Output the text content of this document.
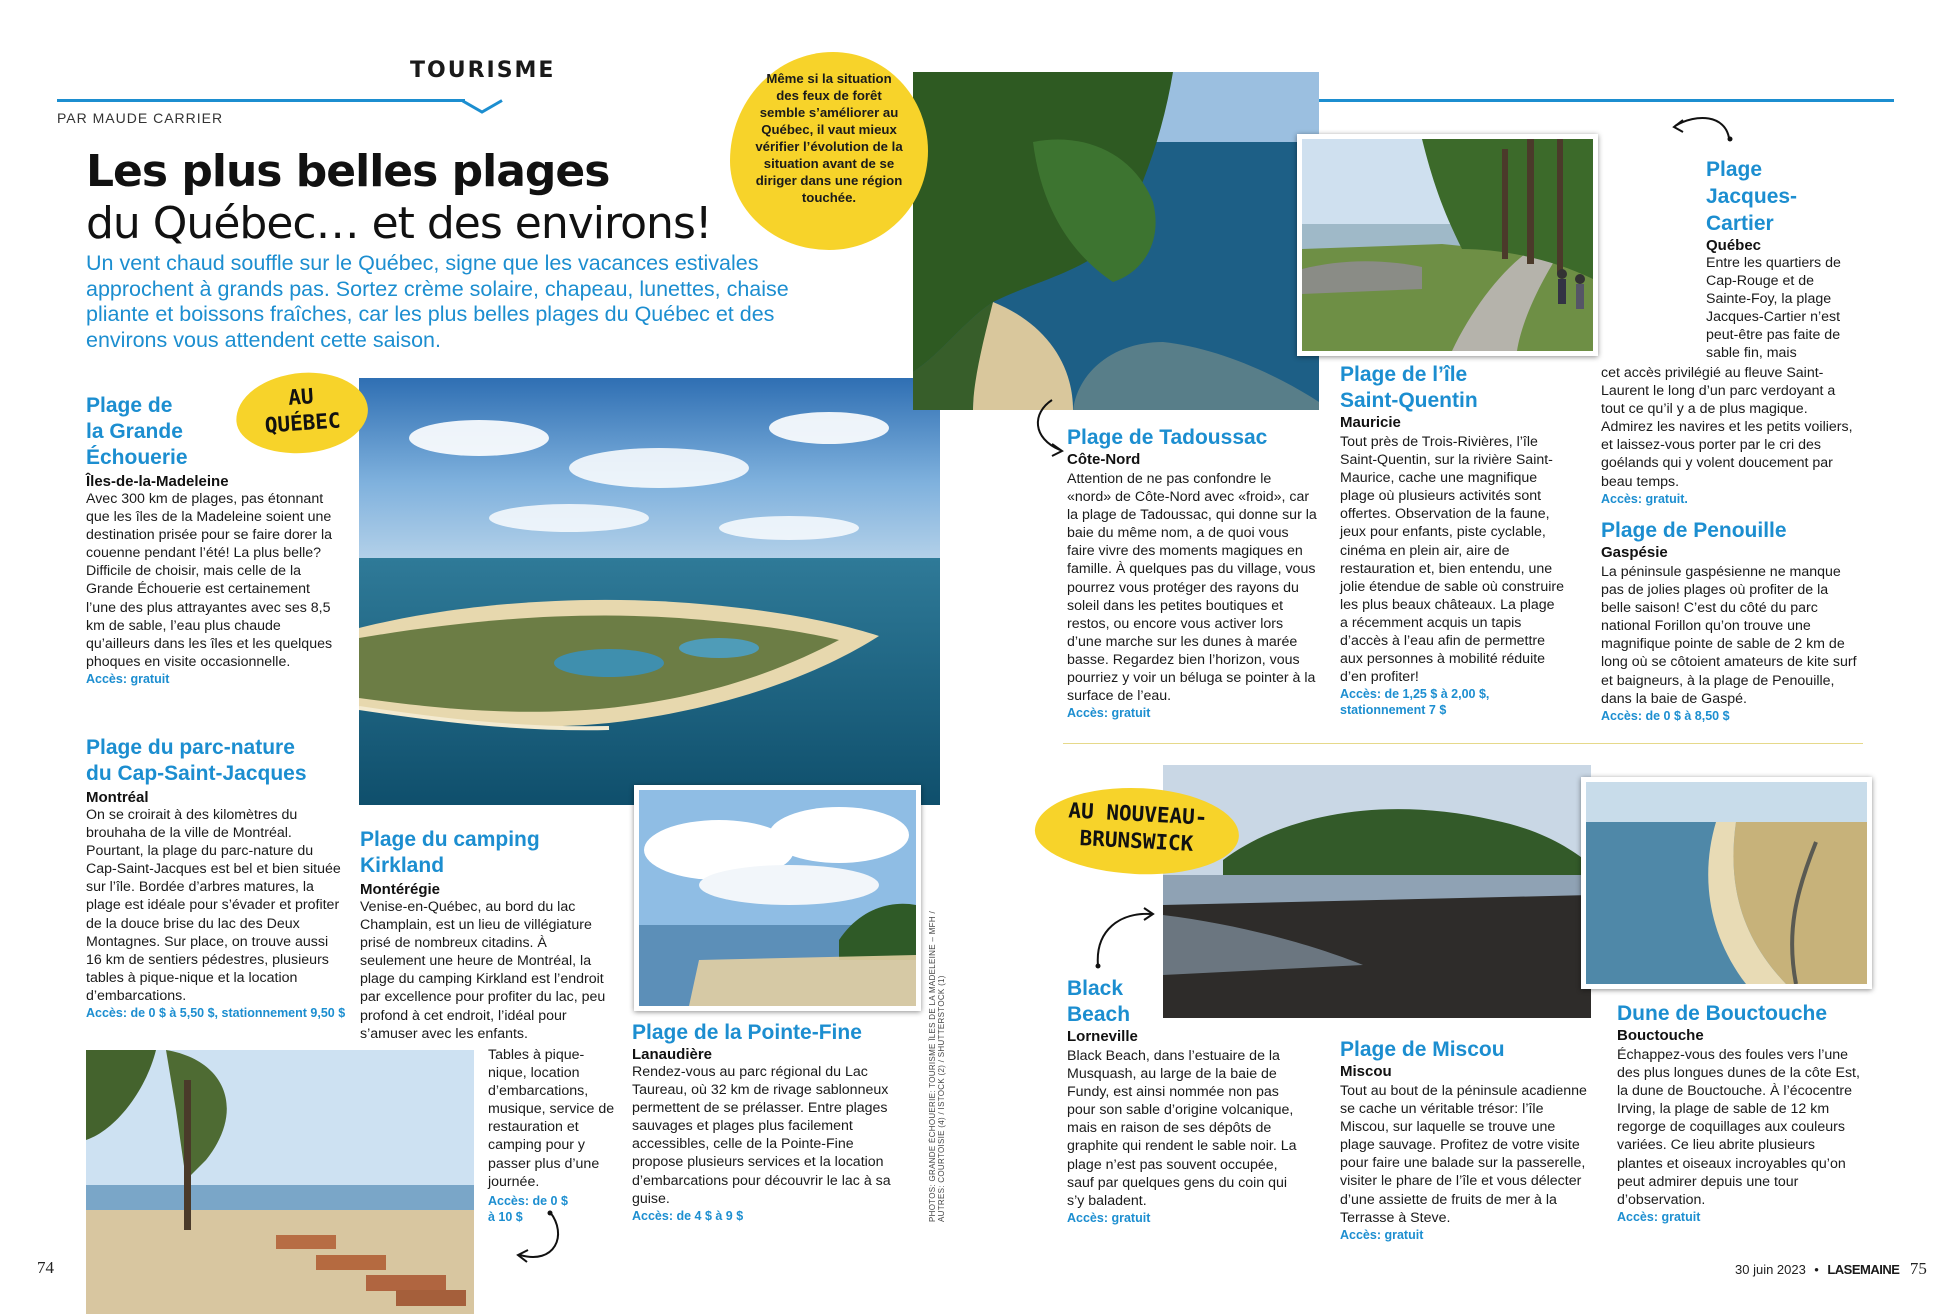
TOURISME
PAR MAUDE CARRIER
Les plus belles plages
du Québec… et des environs!
Un vent chaud souffle sur le Québec, signe que les vacances estivales approchent à grands pas. Sortez crème solaire, chapeau, lunettes, chaise pliante et boissons fraîches, car les plus belles plages du Québec et des environs vous attendent cette saison.
PHOTOS: GRANDE ÉCHOUERIE: TOURISME ÎLES DE LA MADELEINE – MFH / AUTRES: COURTOISIE (4) / ISTOCK (2) / SHUTTERSTOCK (1)
Même si la situation des feux de forêt semble s’améliorer au Québec, il vaut mieux vérifier l’évolution de la situation avant de se diriger dans une région touchée.
AU
QUÉBEC
AU NOUVEAU-
BRUNSWICK
Plage de
la Grande
Échouerie
Îles-de-la-Madeleine
Avec 300 km de plages, pas étonnant que les îles de la Madeleine soient une destination prisée pour se faire dorer la couenne pendant l’été! La plus belle? Difficile de choisir, mais celle de la Grande Échouerie est certainement l’une des plus attrayantes avec ses 8,5 km de sable, l’eau plus chaude qu’ailleurs dans les îles et les quelques phoques en visite occasionnelle.
Accès: gratuit
Plage du parc-nature
du Cap-Saint-Jacques
Montréal
On se croirait à des kilomètres du brouhaha de la ville de Montréal. Pourtant, la plage du parc-nature du Cap-Saint-Jacques est bel et bien située sur l’île. Bordée d’arbres matures, la plage est idéale pour s’évader et profiter de la douce brise du lac des Deux Montagnes. Sur place, on trouve aussi 16 km de sentiers pédestres, plusieurs tables à pique-nique et la location d’embarcations.
Accès: de 0 $ à 5,50 $, stationnement 9,50 $
Plage du camping
Kirkland
Montérégie
Venise-en-Québec, au bord du lac Champlain, est un lieu de villégiature prisé de nombreux citadins. À seulement une heure de Montréal, la plage du camping Kirkland est l’endroit par excellence pour profiter du lac, peu profond à cet endroit, l’idéal pour s’amuser avec les enfants.
Tables à pique-nique, location d’embarcations, musique, service de restauration et camping pour y passer plus d’une journée.
Accès: de 0 $
à 10 $
Plage de la Pointe-Fine
Lanaudière
Rendez-vous au parc régional du Lac Taureau, où 32 km de rivage sablonneux permettent de se prélasser. Entre plages sauvages et plages plus facilement accessibles, celle de la Pointe-Fine propose plusieurs services et la location d’embarcations pour découvrir le lac à sa guise.
Accès: de 4 $ à 9 $
Plage de Tadoussac
Côte-Nord
Attention de ne pas confondre le «nord» de Côte-Nord avec «froid», car la plage de Tadoussac, qui donne sur la baie du même nom, a de quoi vous faire vivre des moments magiques en famille. À quelques pas du village, vous pourrez vous protéger des rayons du soleil dans les petites boutiques et restos, ou encore vous activer lors d’une marche sur les dunes à marée basse. Regardez bien l’horizon, vous pourriez y voir un béluga se pointer à la surface de l’eau.
Accès: gratuit
Plage de l’île
Saint-Quentin
Mauricie
Tout près de Trois-Rivières, l’île Saint-Quentin, sur la rivière Saint-Maurice, cache une magnifique plage où plusieurs activités sont offertes. Observation de la faune, jeux pour enfants, piste cyclable, cinéma en plein air, aire de restauration et, bien entendu, une jolie étendue de sable où construire les plus beaux châteaux. La plage a récemment acquis un tapis d’accès à l’eau afin de permettre aux personnes à mobilité réduite d’en profiter!
Accès: de 1,25 $ à 2,00 $,
stationnement 7 $
Plage
Jacques-
Cartier
Québec
Entre les quartiers de Cap-Rouge et de Sainte-Foy, la plage Jacques-Cartier n’est peut-être pas faite de sable fin, mais
cet accès privilégié au fleuve Saint-Laurent le long d’un parc verdoyant a tout ce qu’il y a de plus magique. Admirez les navires et les petits voiliers, et laissez-vous porter par le cri des goélands qui y volent doucement par beau temps.
Accès: gratuit.
Plage de Penouille
Gaspésie
La péninsule gaspésienne ne manque pas de jolies plages où profiter de la belle saison! C’est du côté du parc national Forillon qu’on trouve une magnifique pointe de sable de 2 km de long où se côtoient amateurs de kite surf et baigneurs, à la plage de Penouille, dans la baie de Gaspé.
Accès: de 0 $ à 8,50 $
Black
Beach
Lorneville
Black Beach, dans l’estuaire de la Musquash, au large de la baie de Fundy, est ainsi nommée non pas pour son sable d’origine volcanique, mais en raison de ses dépôts de graphite qui rendent le sable noir. La plage n’est pas souvent occupée, sauf par quelques gens du coin qui s’y baladent.
Accès: gratuit
Plage de Miscou
Miscou
Tout au bout de la péninsule acadienne se cache un véritable trésor: l’île Miscou, sur laquelle se trouve une plage sauvage. Profitez de votre visite pour faire une balade sur la passerelle, visiter le phare de l’île et vous délecter d’une assiette de fruits de mer à la Terrasse à Steve.
Accès: gratuit
Dune de Bouctouche
Bouctouche
Échappez-vous des foules vers l’une des plus longues dunes de la côte Est, la dune de Bouctouche. À l’écocentre Irving, la plage de sable de 12 km regorge de coquillages aux couleurs variées. Ce lieu abrite plusieurs plantes et oiseaux incroyables qu’on peut admirer depuis une tour d’observation.
Accès: gratuit
74	30 juin 2023 • LASEMAINE 75
